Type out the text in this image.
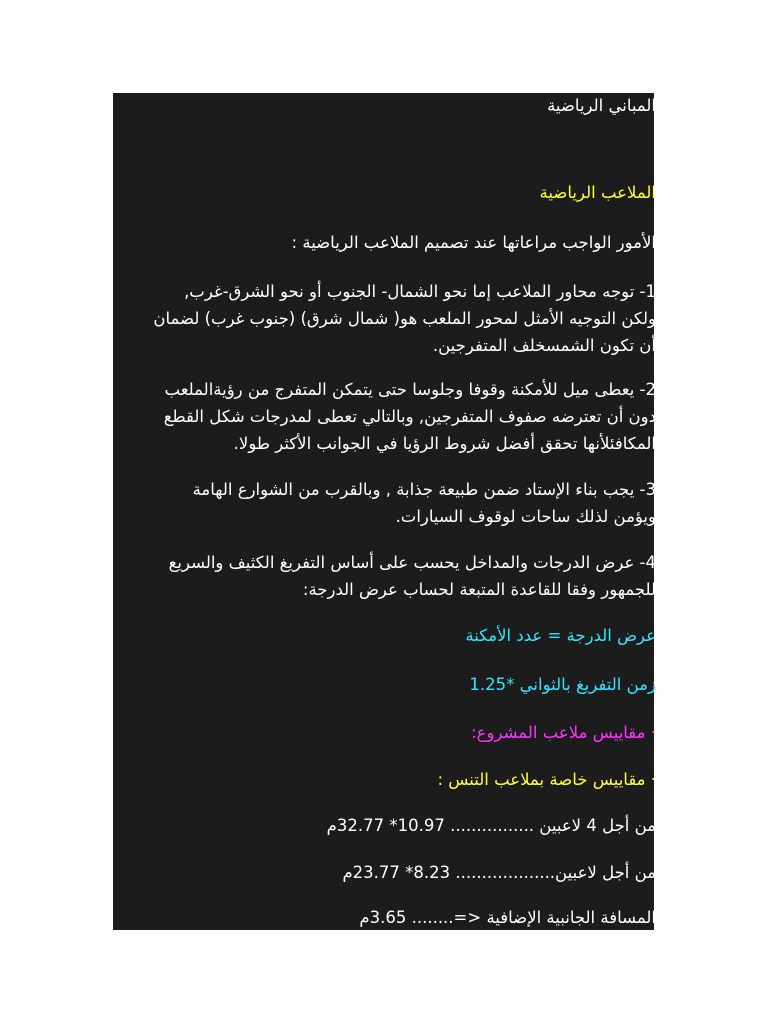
المباني الرياضية
الملاعب الرياضية
الأمور الواجب مراعاتها عند تصميم الملاعب الرياضية :
1- توجه محاور الملاعب إما نحو الشمال- الجنوب أو نحو الشرق-غرب,
ولكن التوجيه الأمثل لمحور الملعب هو( شمال شرق) (جنوب غرب) لضمان
أن تكون الشمسخلف المتفرجين.
2- يعطى ميل للأمكنة وقوفا وجلوسا حتى يتمكن المتفرج من رؤيةالملعب
دون أن تعترضه صفوف المتفرجين, وبالتالي تعطى لمدرجات شكل القطع
المكافئلأنها تحقق أفضل شروط الرؤيا في الجوانب الأكثر طولا.
3- يجب بناء الإستاد ضمن طبيعة جذابة , وبالقرب من الشوارع الهامة
ويؤمن لذلك ساحات لوقوف السيارات.
4- عرض الدرجات والمداخل يحسب على أساس التفريغ الكثيف والسريع
للجمهور وفقا للقاعدة المتبعة لحساب عرض الدرجة:
عرض الدرجة = عدد الأمكنة
زمن التفريغ بالثواني *1.25
· مقاييس ملاعب المشروع:
· مقاييس خاصة بملاعب التنس :
من أجل 4 لاعبين ................ 10.97* 32.77م
من أجل لاعبين................... 8.23* 23.77م
المسافة الجانبية الإضافية <=........ 3.65م
